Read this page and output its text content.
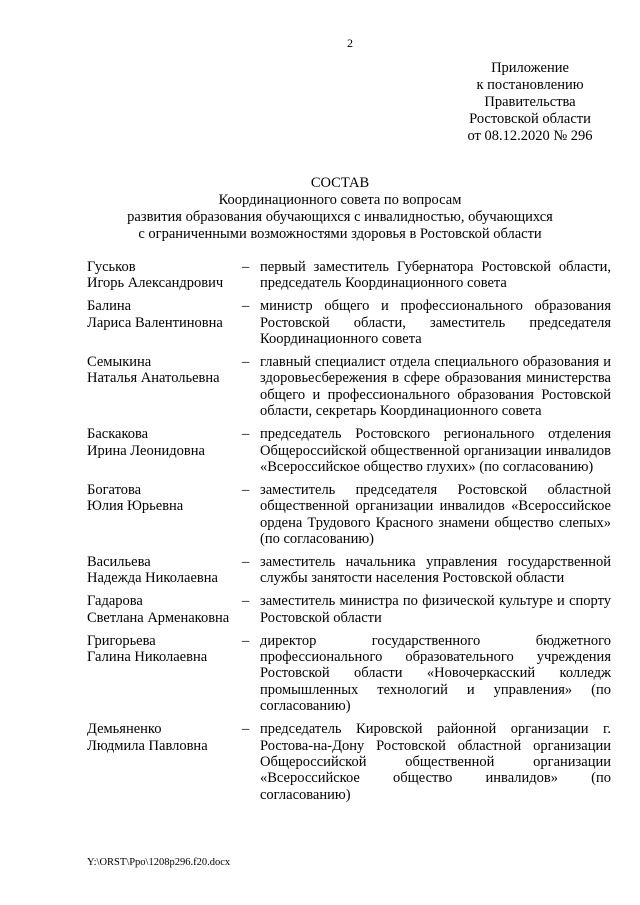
2
Приложение
к постановлению
Правительства
Ростовской области
от 08.12.2020 № 296
СОСТАВ
Координационного совета по вопросам
развития образования обучающихся с инвалидностью, обучающихся
с ограниченными возможностями здоровья в Ростовской области
Гуськов
Игорь Александрович
– первый заместитель Губернатора Ростовской области, председатель Координационного совета
Балина
Лариса Валентиновна
– министр общего и профессионального образования Ростовской области, заместитель председателя Координационного совета
Семыкина
Наталья Анатольевна
– главный специалист отдела специального образования и здоровьесбережения в сфере образования министерства общего и профессионального образования Ростовской области, секретарь Координационного совета
Баскакова
Ирина Леонидовна
– председатель Ростовского регионального отделения Общероссийской общественной организации инвалидов «Всероссийское общество глухих» (по согласованию)
Богатова
Юлия Юрьевна
– заместитель председателя Ростовской областной общественной организации инвалидов «Всероссийское ордена Трудового Красного знамени общество слепых» (по согласованию)
Васильева
Надежда Николаевна
– заместитель начальника управления государственной службы занятости населения Ростовской области
Гадарова
Светлана Арменаковна
– заместитель министра по физической культуре и спорту Ростовской области
Григорьева
Галина Николаевна
– директор государственного бюджетного профессионального образовательного учреждения Ростовской области «Новочеркасский колледж промышленных технологий и управления» (по согласованию)
Демьяненко
Людмила Павловна
– председатель Кировской районной организации г. Ростова-на-Дону Ростовской областной организации Общероссийской общественной организации «Всероссийское общество инвалидов» (по согласованию)
Y:\ORST\Ppo\1208p296.f20.docx
